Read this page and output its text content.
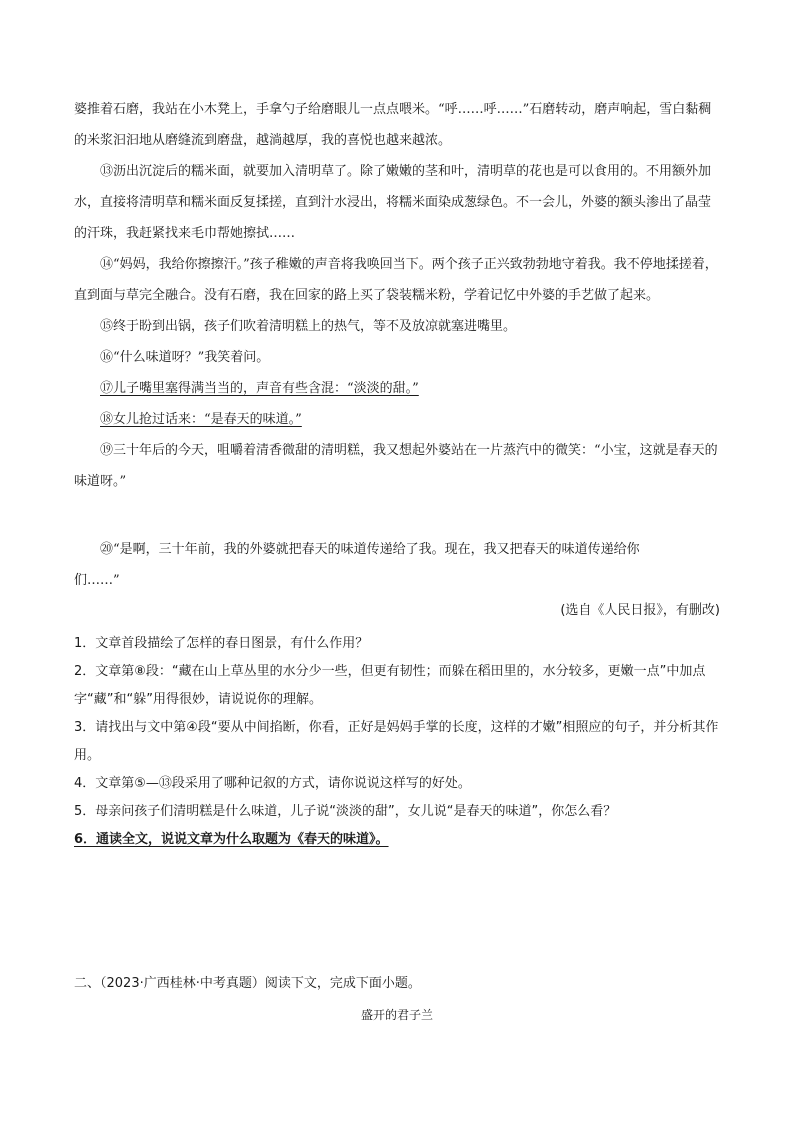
婆推着石磨，我站在小木凳上，手拿勺子给磨眼儿一点点喂米。“呼……呼……”石磨转动，磨声响起，雪白黏稠的米浆汩汩地从磨缝流到磨盘，越淌越厚，我的喜悦也越来越浓。

⑬沥出沉淀后的糯米面，就要加入清明草了。除了嫩嫩的茎和叶，清明草的花也是可以食用的。不用额外加水，直接将清明草和糯米面反复揉搓，直到汁水浸出，将糯米面染成葱绿色。不一会儿，外婆的额头渗出了晶莹的汗珠，我赶紧找来毛巾帮她擦拭……

⑭“妈妈，我给你擦擦汗。”孩子稚嫩的声音将我唤回当下。两个孩子正兴致勃勃地守着我。我不停地揉搓着，直到面与草完全融合。没有石磨，我在回家的路上买了袋装糯米粉，学着记忆中外婆的手艺做了起来。

⑮终于盼到出锅，孩子们吹着清明糕上的热气，等不及放凉就塞进嘴里。

⑯“什么味道呀？”我笑着问。

⑰儿子嘴里塞得满当当的，声音有些含混：“淡淡的甜。”

⑱女儿抢过话来：“是春天的味道。”

⑲三十年后的今天，咀嚼着清香微甜的清明糕，我又想起外婆站在一片蒸汽中的微笑：“小宝，这就是春天的味道呀。”

⑳“是啊，三十年前，我的外婆就把春天的味道传递给了我。现在，我又把春天的味道传递给你

们……”

(选自《人民日报》，有删改)

1．文章首段描绘了怎样的春日图景，有什么作用？

2．文章第⑧段：“藏在山上草丛里的水分少一些，但更有韧性；而躲在稻田里的，水分较多，更嫩一点”中加点字“藏”和“躲”用得很妙，请说说你的理解。

3．请找出与文中第④段“要从中间掐断，你看，正好是妈妈手掌的长度，这样的才嫩”相照应的句子，并分析其作用。

4．文章第⑤—⑬段采用了哪种记叙的方式，请你说说这样写的好处。

5．母亲问孩子们清明糕是什么味道，儿子说“淡淡的甜”，女儿说“是春天的味道”，你怎么看？

6．通读全文，说说文章为什么取题为《春天的味道》。

二、（2023·广西桂林·中考真题）阅读下文，完成下面小题。
盛开的君子兰
